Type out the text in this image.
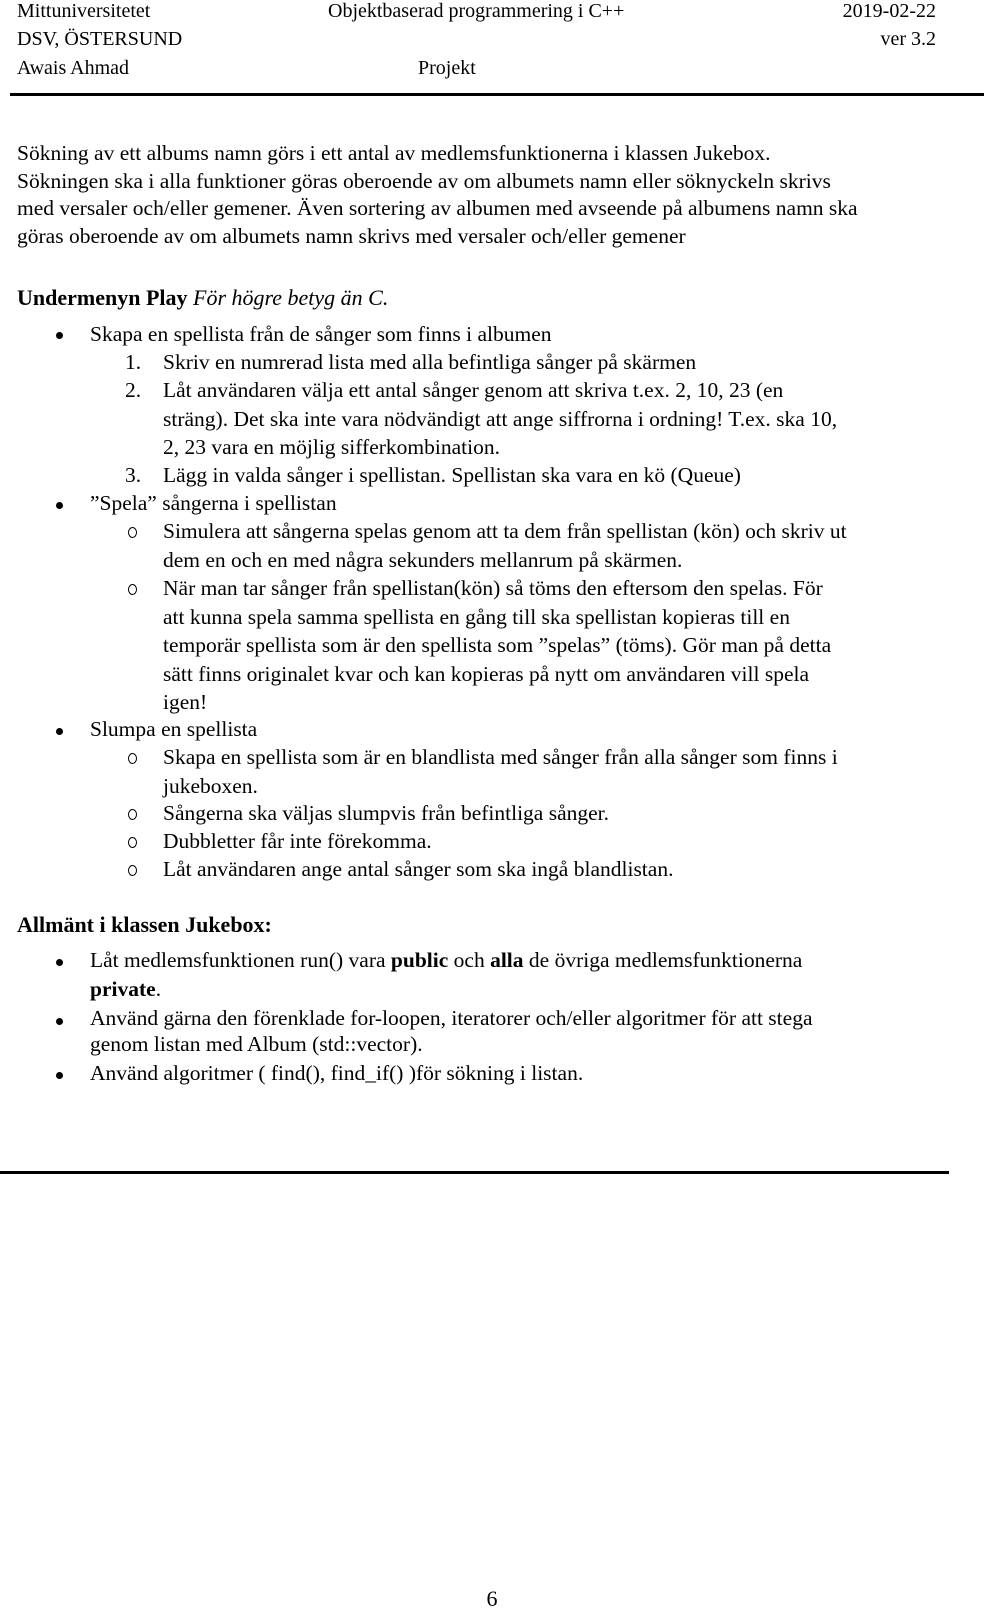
Mittuniversitetet	Objektbaserad programmering i C++	2019-02-22
DSV, ÖSTERSUND	ver 3.2
Awais Ahmad	Projekt
Sökning av ett albums namn görs i ett antal av medlemsfunktionerna i klassen Jukebox.
Sökningen ska i alla funktioner göras oberoende av om albumets namn eller söknyckeln skrivs
med versaler och/eller gemener. Även sortering av albumen med avseende på albumens namn ska
göras oberoende av om albumets namn skrivs med versaler och/eller gemener
Undermenyn Play För högre betyg än C.
Skapa en spellista från de sånger som finns i albumen
1. Skriv en numrerad lista med alla befintliga sånger på skärmen
2. Låt användaren välja ett antal sånger genom att skriva t.ex. 2, 10, 23 (en
sträng). Det ska inte vara nödvändigt att ange siffrorna i ordning! T.ex. ska 10,
2, 23 vara en möjlig sifferkombination.
3. Lägg in valda sånger i spellistan. Spellistan ska vara en kö (Queue)
”Spela” sångerna i spellistan
Simulera att sångerna spelas genom att ta dem från spellistan (kön) och skriv ut
dem en och en med några sekunders mellanrum på skärmen.
När man tar sånger från spellistan(kön) så töms den eftersom den spelas. För
att kunna spela samma spellista en gång till ska spellistan kopieras till en
temporär spellista som är den spellista som ”spelas” (töms). Gör man på detta
sätt finns originalet kvar och kan kopieras på nytt om användaren vill spela
igen!
Slumpa en spellista
Skapa en spellista som är en blandlista med sånger från alla sånger som finns i
jukeboxen.
Sångerna ska väljas slumpvis från befintliga sånger.
Dubbletter får inte förekomma.
Låt användaren ange antal sånger som ska ingå blandlistan.
Allmänt i klassen Jukebox:
Låt medlemsfunktionen run() vara public och alla de övriga medlemsfunktionerna
private.
Använd gärna den förenklade for-loopen, iteratorer och/eller algoritmer för att stega
genom listan med Album (std::vector).
Använd algoritmer ( find(), find_if() )för sökning i listan.
6
